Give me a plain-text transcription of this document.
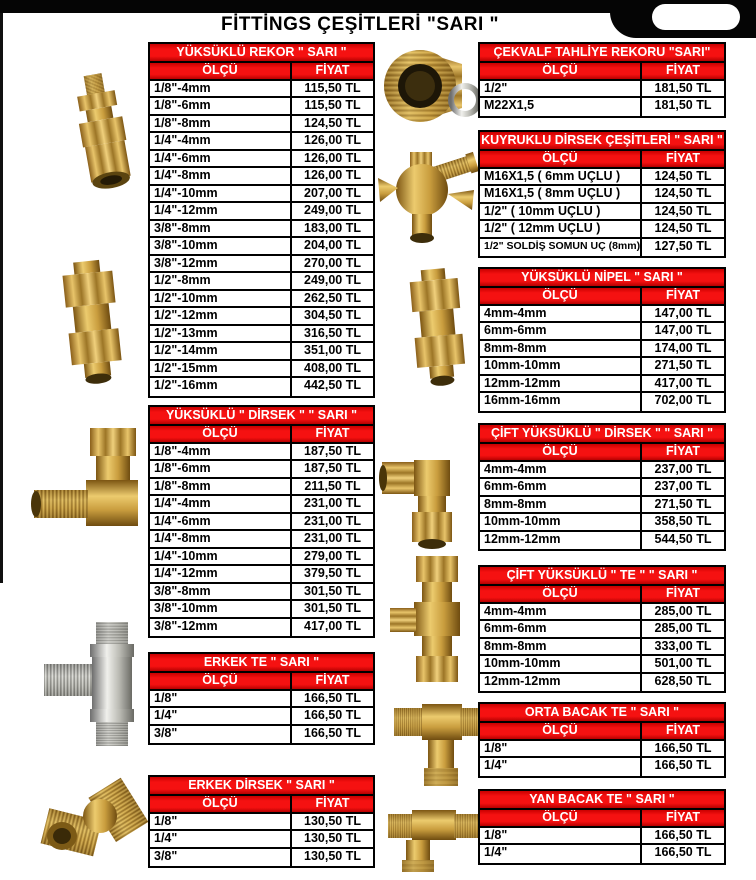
FİTTİNGS ÇEŞİTLERİ "SARI "
YÜKSÜKLÜ REKOR " SARI "
ÖLÇÜ	FİYAT
1/8"-4mm	115,50 TL
1/8"-6mm	115,50 TL
1/8"-8mm	124,50 TL
1/4"-4mm	126,00 TL
1/4"-6mm	126,00 TL
1/4"-8mm	126,00 TL
1/4"-10mm	207,00 TL
1/4"-12mm	249,00 TL
3/8"-8mm	183,00 TL
3/8"-10mm	204,00 TL
3/8"-12mm	270,00 TL
1/2"-8mm	249,00 TL
1/2"-10mm	262,50 TL
1/2"-12mm	304,50 TL
1/2"-13mm	316,50 TL
1/2"-14mm	351,00 TL
1/2"-15mm	408,00 TL
1/2"-16mm	442,50 TL
YÜKSÜKLÜ " DİRSEK " " SARI "
ÖLÇÜ	FİYAT
1/8"-4mm	187,50 TL
1/8"-6mm	187,50 TL
1/8"-8mm	211,50 TL
1/4"-4mm	231,00 TL
1/4"-6mm	231,00 TL
1/4"-8mm	231,00 TL
1/4"-10mm	279,00 TL
1/4"-12mm	379,50 TL
3/8"-8mm	301,50 TL
3/8"-10mm	301,50 TL
3/8"-12mm	417,00 TL
ERKEK TE " SARI "
ÖLÇÜ	FİYAT
1/8"	166,50 TL
1/4"	166,50 TL
3/8"	166,50 TL
ERKEK DİRSEK " SARI "
ÖLÇÜ	FİYAT
1/8"	130,50 TL
1/4"	130,50 TL
3/8"	130,50 TL
ÇEKVALF TAHLİYE REKORU "SARI"
ÖLÇÜ	FİYAT
1/2"	181,50 TL
M22X1,5	181,50 TL
KUYRUKLU DİRSEK ÇEŞİTLERİ " SARI "
ÖLÇÜ	FİYAT
M16X1,5 ( 6mm UÇLU )	124,50 TL
M16X1,5 ( 8mm UÇLU )	124,50 TL
1/2" ( 10mm UÇLU )	124,50 TL
1/2" ( 12mm UÇLU )	124,50 TL
1/2" SOLDİŞ SOMUN UÇ (8mm)	127,50 TL
YÜKSÜKLÜ NİPEL " SARI "
ÖLÇÜ	FİYAT
4mm-4mm	147,00 TL
6mm-6mm	147,00 TL
8mm-8mm	174,00 TL
10mm-10mm	271,50 TL
12mm-12mm	417,00 TL
16mm-16mm	702,00 TL
ÇİFT YÜKSÜKLÜ " DİRSEK " " SARI "
ÖLÇÜ	FİYAT
4mm-4mm	237,00 TL
6mm-6mm	237,00 TL
8mm-8mm	271,50 TL
10mm-10mm	358,50 TL
12mm-12mm	544,50 TL
ÇİFT YÜKSÜKLÜ " TE " " SARI "
ÖLÇÜ	FİYAT
4mm-4mm	285,00 TL
6mm-6mm	285,00 TL
8mm-8mm	333,00 TL
10mm-10mm	501,00 TL
12mm-12mm	628,50 TL
ORTA BACAK TE " SARI "
ÖLÇÜ	FİYAT
1/8"	166,50 TL
1/4"	166,50 TL
YAN BACAK TE " SARI "
ÖLÇÜ	FİYAT
1/8"	166,50 TL
1/4"	166,50 TL
